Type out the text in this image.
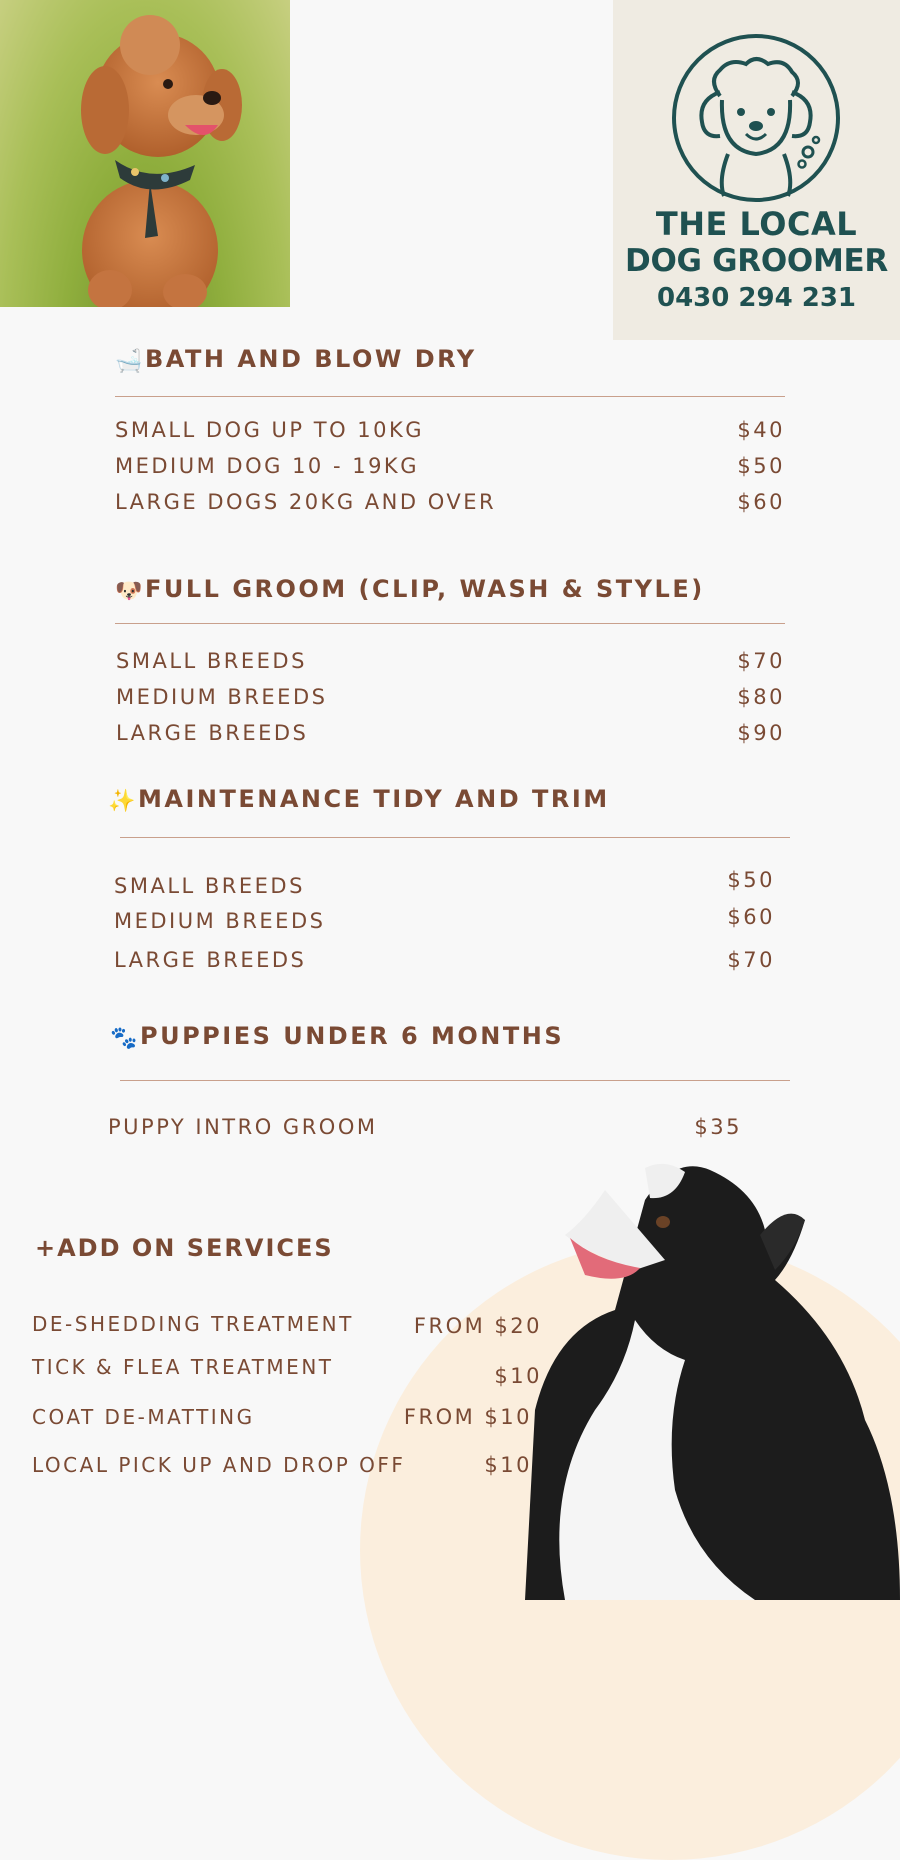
THE LOCAL
DOG GROOMER
0430 294 231
🛁BATH AND BLOW DRY
SMALL DOG UP TO 10KG	$40
MEDIUM DOG 10 - 19KG	$50
LARGE DOGS 20KG AND OVER	$60
🐶FULL GROOM (CLIP, WASH & STYLE)
SMALL BREEDS	$70
MEDIUM BREEDS	$80
LARGE BREEDS	$90
✨MAINTENANCE TIDY AND TRIM
SMALL BREEDS	$50
MEDIUM BREEDS	$60
LARGE BREEDS	$70
🐾PUPPIES UNDER 6 MONTHS
PUPPY INTRO GROOM	$35
+ADD ON SERVICES
DE-SHEDDING TREATMENT	FROM $20
TICK & FLEA TREATMENT	$10
COAT DE-MATTING	FROM $10
LOCAL PICK UP AND DROP OFF	$10
